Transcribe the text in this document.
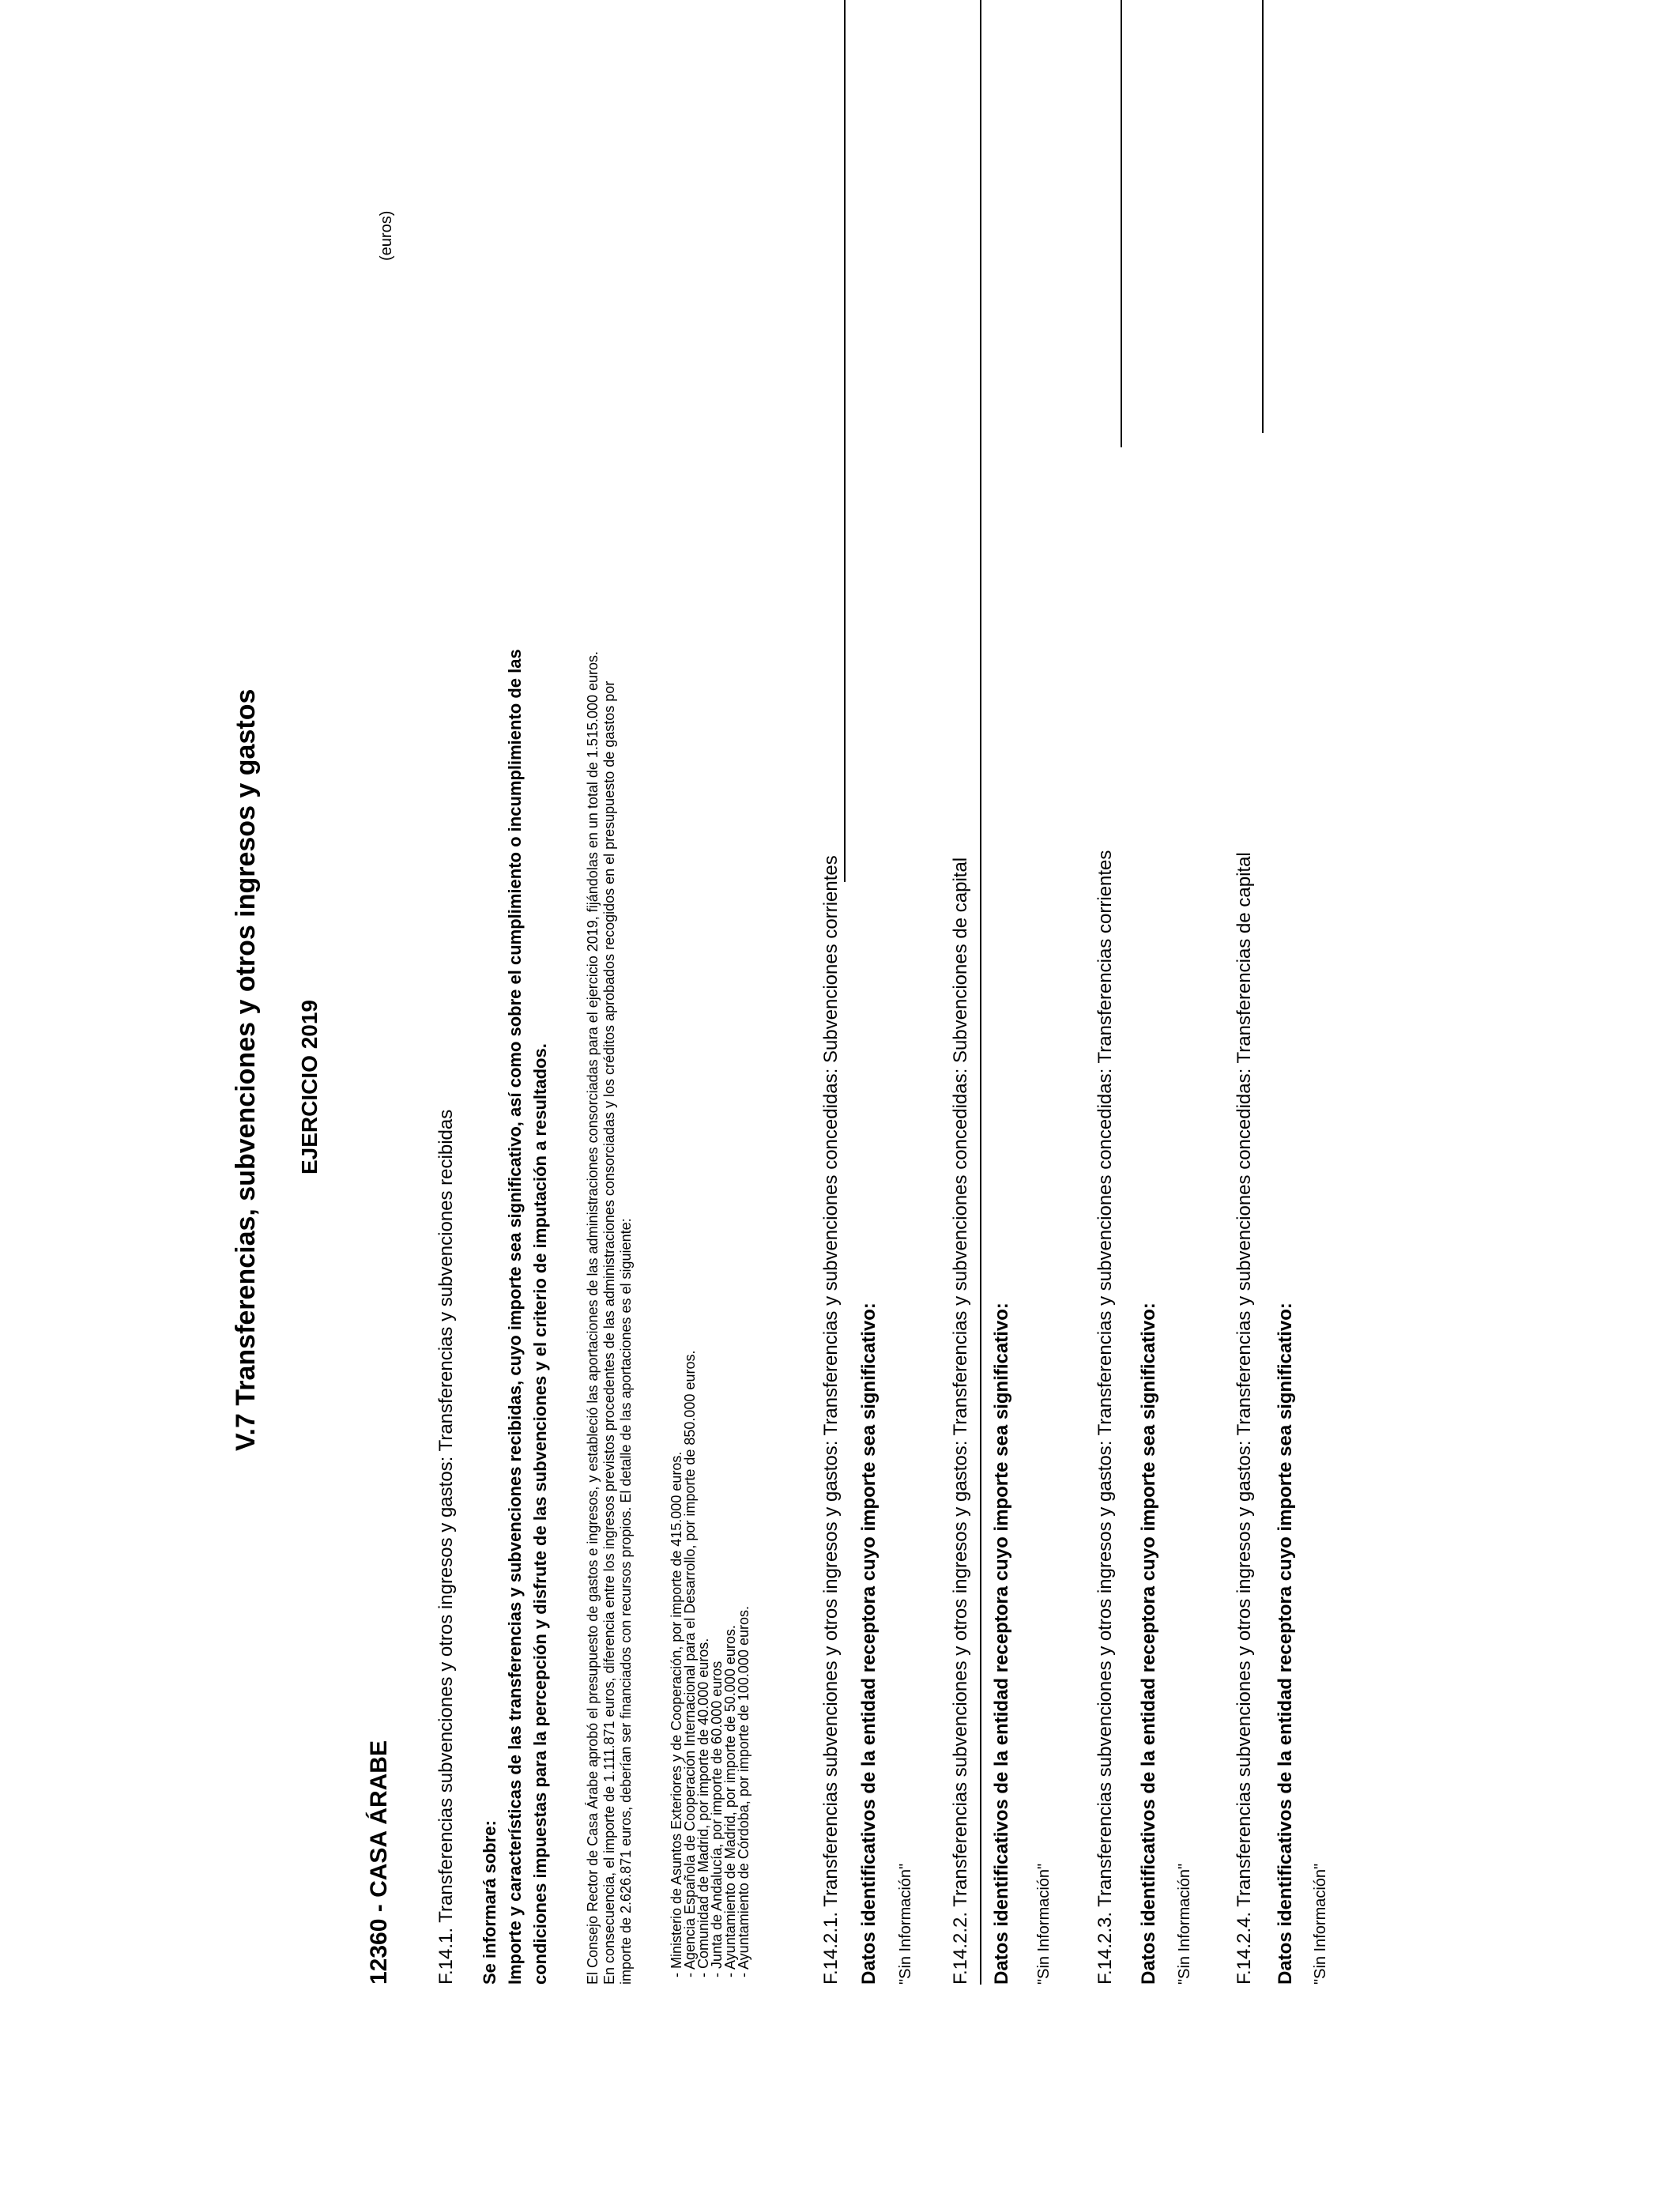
V.7 Transferencias, subvenciones y otros ingresos y gastos EJERCICIO 2019
12360 - CASA ÁRABE
(euros)
F.14.1. Transferencias subvenciones y otros ingresos y gastos: Transferencias y subvenciones recibidas Se informará sobre: Importe y características de las transferencias y subvenciones recibidas, cuyo importe sea significativo, así como sobre el cumplimiento o incumplimiento de las condiciones impuestas para la percepción y disfrute de las subvenciones y el criterio de imputación a resultados. El Consejo Rector de Casa Árabe aprobó el presupuesto de gastos e ingresos, y estableció las aportaciones de las administraciones consorciadas para el ejercicio 2019, fijándolas en un total de 1.515.000 euros. En consecuencia, el importe de 1.111.871 euros, diferencia entre los ingresos previstos procedentes de las administraciones consorciadas y los créditos aprobados recogidos en el presupuesto de gastos por importe de 2.626.871 euros, deberían ser financiados con recursos propios. El detalle de las aportaciones es el siguiente: - Ministerio de Asuntos Exteriores y de Cooperación, por importe de 415.000 euros.
- Agencia Española de Cooperación Internacional para el Desarrollo, por importe de 850.000 euros.
- Comunidad de Madrid, por importe de 40.000 euros.
- Junta de Andalucía, por importe de 60.000 euros
- Ayuntamiento de Madrid, por importe de 50.000 euros.
- Ayuntamiento de Córdoba, por importe de 100.000 euros.	F.14.2.1. Transferencias subvenciones y otros ingresos y gastos: Transferencias y subvenciones concedidas: Subvenciones corrientes Datos identificativos de la entidad receptora cuyo importe sea significativo: "Sin Información" F.14.2.2. Transferencias subvenciones y otros ingresos y gastos: Transferencias y subvenciones concedidas: Subvenciones de capital Datos identificativos de la entidad receptora cuyo importe sea significativo: "Sin Información" F.14.2.3. Transferencias subvenciones y otros ingresos y gastos: Transferencias y subvenciones concedidas: Transferencias corrientes Datos identificativos de la entidad receptora cuyo importe sea significativo: "Sin Información" F.14.2.4. Transferencias subvenciones y otros ingresos y gastos: Transferencias y subvenciones concedidas: Transferencias de capital Datos identificativos de la entidad receptora cuyo importe sea significativo: "Sin Información"
